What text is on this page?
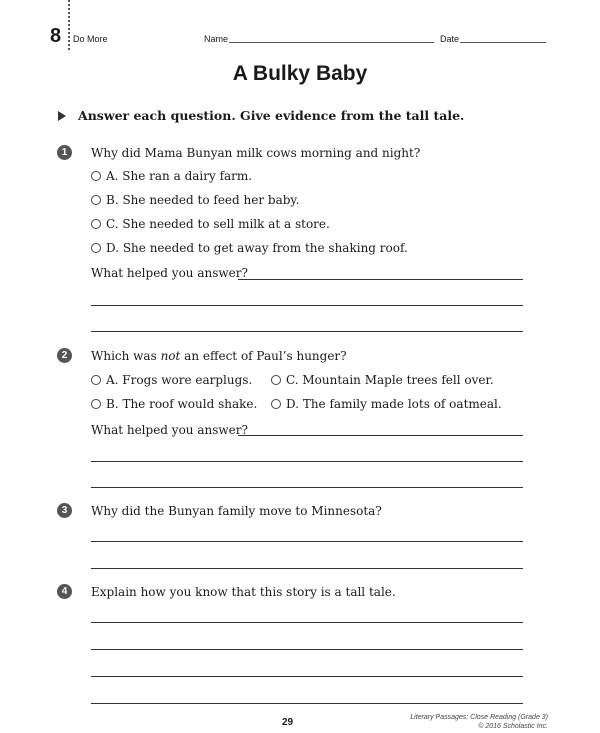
8 Do More	Name	Date
A Bulky Baby
Answer each question. Give evidence from the tall tale.
1	Why did Mama Bunyan milk cows morning and night?
A. She ran a dairy farm.
B. She needed to feed her baby.
C. She needed to sell milk at a store.
D. She needed to get away from the shaking roof.
What helped you answer?
2	Which was not an effect of Paul’s hunger?
A. Frogs wore earplugs.
B. The roof would shake.
C. Mountain Maple trees fell over.
D. The family made lots of oatmeal.
What helped you answer?
3	Why did the Bunyan family move to Minnesota?
4	Explain how you know that this story is a tall tale.
29	Literary Passages: Close Reading (Grade 3)
© 2016 Scholastic Inc.
